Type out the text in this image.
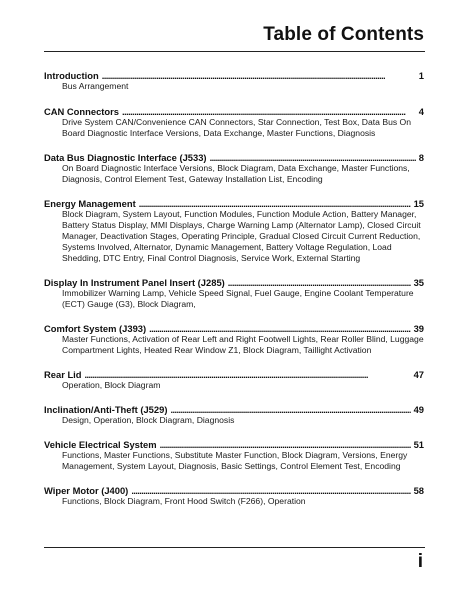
Table of Contents
Introduction . . .	1

Bus Arrangement

CAN Connectors . . .	4

Drive System CAN/Convenience CAN Connectors, Star Connection, Test Box, Data Bus On Board Diagnostic Interface Versions, Data Exchange, Master Functions, Diagnosis

Data Bus Diagnostic Interface (J533) . . .	8

On Board Diagnostic Interface Versions, Block Diagram, Data Exchange, Master Functions, Diagnosis, Control Element Test, Gateway Installation List, Encoding

Energy Management . . .	15

Block Diagram, System Layout, Function Modules, Function Module Action, Battery Manager, Battery Status Display, MMI Displays, Charge Warning Lamp (Alternator Lamp), Closed Circuit Manager, Deactivation Stages, Operating Principle, Gradual Closed Circuit Current Reduction, Systems Involved, Alternator, Dynamic Management, Battery Voltage Regulation, Load Shedding, DTC Entry, Final Control Diagnosis, Service Work, External Starting

Display In Instrument Panel Insert (J285) . . .	35

Immobilizer Warning Lamp, Vehicle Speed Signal, Fuel Gauge, Engine Coolant Temperature (ECT) Gauge (G3), Block Diagram,

Comfort System (J393) . . .	39

Master Functions, Activation of Rear Left and Right Footwell Lights, Rear Roller Blind, Luggage Compartment Lights, Heated Rear Window Z1, Block Diagram, Taillight Activation

Rear Lid . . .	47

Operation, Block Diagram

Inclination/Anti-Theft (J529) . . .	49

Design, Operation, Block Diagram, Diagnosis

Vehicle Electrical System . . .	51

Functions, Master Functions, Substitute Master Function, Block Diagram, Versions, Energy Management, System Layout, Diagnosis, Basic Settings, Control Element Test, Encoding

Wiper Motor (J400) . . .	58

Functions, Block Diagram, Front Hood Switch (F266), Operation

i
